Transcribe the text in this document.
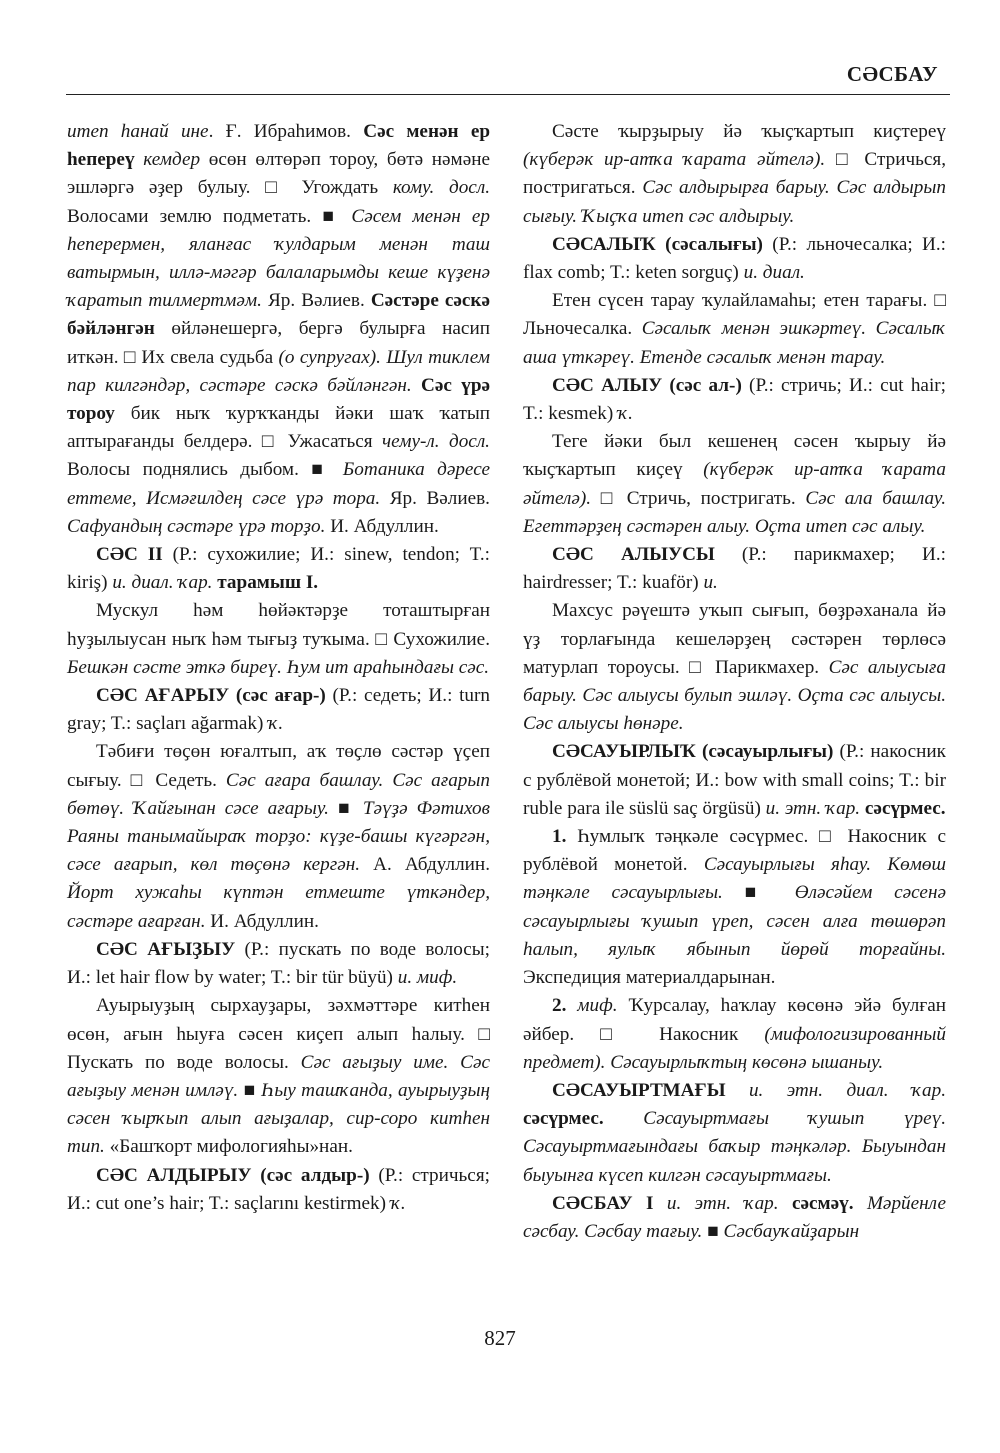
СӘСБАУ

итеп һанай ине. Ғ. Ибраһимов. Сәс менән ер һеперeү кемдер өсөн өлтөрәп тороу, бөтә нәмәне эшләргә әҙер булыу. □ Угождать кому. досл. Волосами землю подметать. ■ Сәсем менән ер һеперермен, яланғас ҡулдарым менән таш ватырмын, иллә-мәгәр балаларымды кеше күҙенә ҡаратып тилмертмәм. Яр. Вәлиев. Сәстәре сәскә бәйләнгән өйләнешергә, бергә булырға насип иткән. □ Их свела судьба (о супругах). Шул тиклем пар килгәндәр, сәстәре сәскә бәйләнгән. Сәс үрә тороу бик ныҡ ҡурҡҡанды йәки шаҡ ҡатып аптырағанды белдерә. □ Ужасаться чему-л. досл. Волосы поднялись дыбом. ■ Ботаника дәресе еттеме, Исмәғилдең сәсе үрә тора. Яр. Вәлиев. Сафуандың сәстәре үрә торҙо. И. Абдуллин.

СӘС II (Р.: сухожилие; И.: sinew, tendon; T.: kiriş) и. диал. ҡар. тарамыш I.

Мускул һәм һөйәктәрҙе тоташтырған һуҙылыусан ныҡ һәм тығыҙ туҡыма. □ Сухожилие. Бешкән сәсте эткә биреү. Һум ит араһындағы сәс.

СӘС АҒАРЫУ (сәс ағар-) (Р.: седеть; И.: turn gray; T.: saçları ağarmak) ҡ.

Тәбиғи төҫөн юғалтып, аҡ төҫлө сәстәр үҫеп сығыу. □ Седеть. Сәс ағара башлау. Сәс ағарып бөтөү. Ҡайғынан сәсе ағарыу. ■ Тәүҙә Фәтихов Раяны танымайыраҡ торҙо: күҙе-башы күгәргән, сәсе ағарып, көл төҫөнә кергән. А. Абдуллин. Йорт хужаһы күптән етмеште үткәндер, сәстәре ағарған. И. Абдуллин.

СӘС АҒЫҘЫУ (Р.: пускать по воде волосы; И.: let hair flow by water; T.: bir tür büyü) и. миф.

Ауырыуҙың сырхауҙары, зәхмәттәре китһен өсөн, ағын һыуға сәсен киҫеп алып һалыу. □ Пускать по воде волосы. Сәс ағыҙыу име. Сәс ағыҙыу менән имләү. ■ Һыу ташҡанда, ауырыуҙың сәсен ҡырҡып алып ағыҙалар, сир-соро китһен тип. «Башҡорт мифологияһы»нан.

СӘС АЛДЫРЫУ (сәс алдыр-) (Р.: стричься; И.: cut one’s hair; T.: saçlarını kestirmek) ҡ.

Сәсте ҡырҙырыу йә ҡыҫҡартып киҫтереү (күберәк ир-атҡа ҡарата әйтелә). □ Стричься, постригаться. Сәс алдырырға барыу. Сәс алдырып сығыу. Ҡыҫҡа итеп сәс алдырыу.

СӘСАЛЫҠ (сәсалығы) (Р.: льночесалка; И.: flax comb; T.: keten sorguç) и. диал.

Етен сүсен тарау ҡулайламаһы; етен тарағы. □ Льночесалка. Сәсалыҡ менән эшкәртеү. Сәсалыҡ аша үткәреү. Етенде сәсалыҡ менән тарау.

СӘС АЛЫУ (сәс ал-) (Р.: стричь; И.: cut hair; T.: kesmek) ҡ.

Теге йәки был кешенең сәсен ҡырыу йә ҡыҫҡартып киҫеү (күберәк ир-атҡа ҡарата әйтелә). □ Стричь, постригать. Сәс ала башлау. Егеттәрҙең сәстәрен алыу. Оҫта итеп сәс алыу.

СӘС АЛЫУСЫ (Р.: парикмахер; И.: hairdresser; T.: kuaför) и.

Махсус рәүештә уҡып сығып, бөҙрәханала йә үҙ торлағында кешеләрҙең сәстәрен төрлөсә матурлап тороусы. □ Парикмахер. Сәс алыусыға барыу. Сәс алыусы булып эшләү. Оҫта сәс алыусы. Сәс алыусы һөнәре.

СӘСАУЫРЛЫҠ (сәсауырлығы) (Р.: накосник с рублёвой монетой; И.: bow with small coins; T.: bir ruble para ile süslü saç örgüsü) и. этн. ҡар. сәсүрмес.

1. Һумлыҡ тәңкәле сәсүрмес. □ Накосник с рублёвой монетой. Сәсауырлығы яһау. Көмөш тәңкәле сәсауырлығы. ■ Өләсәйем сәсенә сәсауырлығы ҡушып үреп, сәсен алға төшөрәп һалып, яулыҡ ябынып йөрөй торғайны. Экспедиция материалдарынан.

2. миф. Ҡурсалау, һаҡлау көсөнә эйә булған әйбер. □ Накосник (мифологизированный предмет). Сәсауырлыҡтың көсөнә ышаныу.

СӘСАУЫРТМАҒЫ и. этн. диал. ҡар. сәсүрмес. Сәсауыртмағы ҡушып үреү. Сәсауыртмағындағы баҡыр тәңкәләр. Быуындан быуынға күсеп килгән сәсауыртмағы.

СӘСБАУ I и. этн. ҡар. сәсмәү. Мәрйенле сәсбау. Сәсбау тағыу. ■ Сәсбауҡайҙарын

827
